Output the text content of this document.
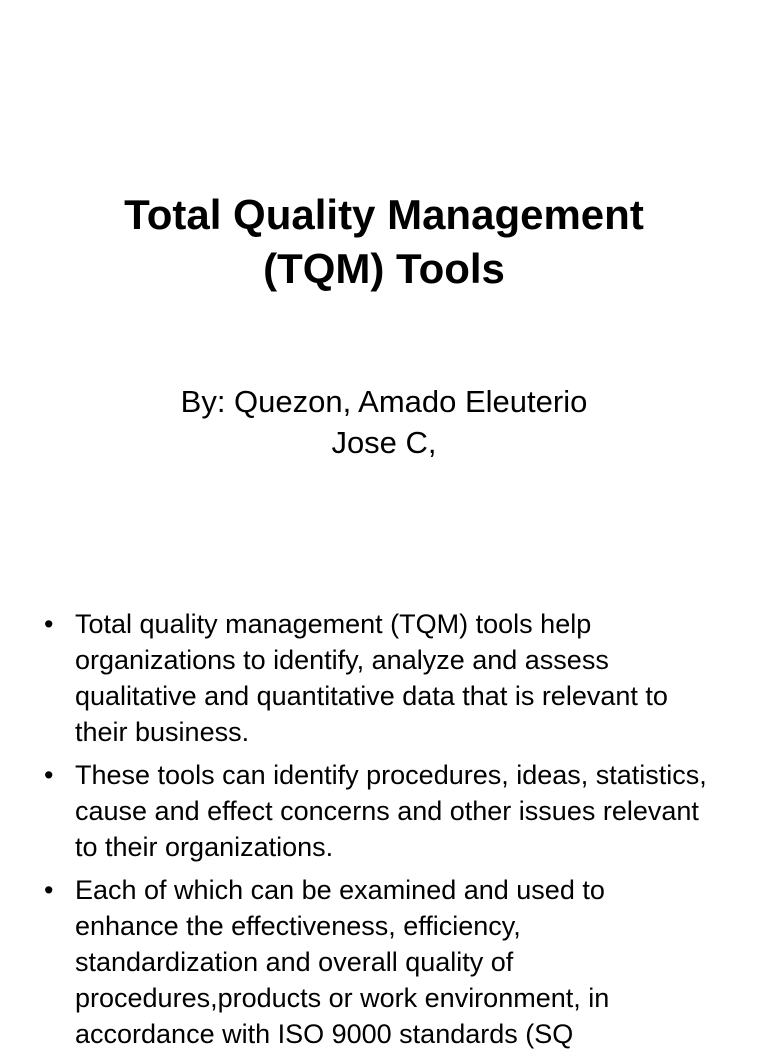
Total Quality Management
(TQM) Tools
By: Quezon, Amado Eleuterio
Jose C,
• Total quality management (TQM) tools help organizations to identify, analyze and assess qualitative and quantitative data that is relevant to their business.
• These tools can identify procedures, ideas, statistics, cause and effect concerns and other issues relevant to their organizations.
• Each of which can be examined and used to enhance the effectiveness, efficiency, standardization and overall quality of procedures,products or work environment, in accordance with ISO 9000 standards (SQ
